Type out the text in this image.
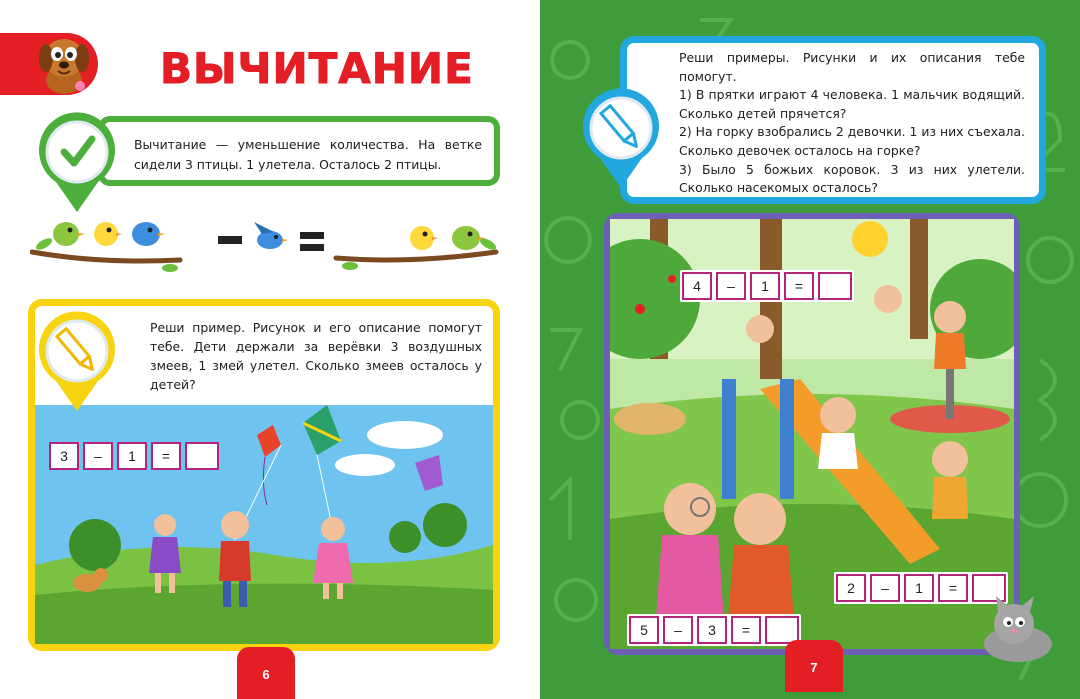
ВЫЧИТАНИЕ
Вычитание — уменьшение количества. На ветке сидели 3 птицы. 1 улетела. Осталось 2 птицы.
Реши пример. Рисунок и его описание помогут тебе. Дети держали за верёвки 3 воздушных змеев, 1 змей улетел. Сколько змеев осталось у детей?
3	–	1	=
6
Реши примеры. Рисунки и их описания тебе помогут.
1) В прятки играют 4 человека. 1 мальчик водящий. Сколько детей прячется?
2) На горку взобрались 2 девочки. 1 из них съехала. Сколько девочек осталось на горке?
3) Было 5 божьих коровок. 3 из них улетели. Сколько насекомых осталось?
4	–	1	=
2	–	1	=
5	–	3	=
7
